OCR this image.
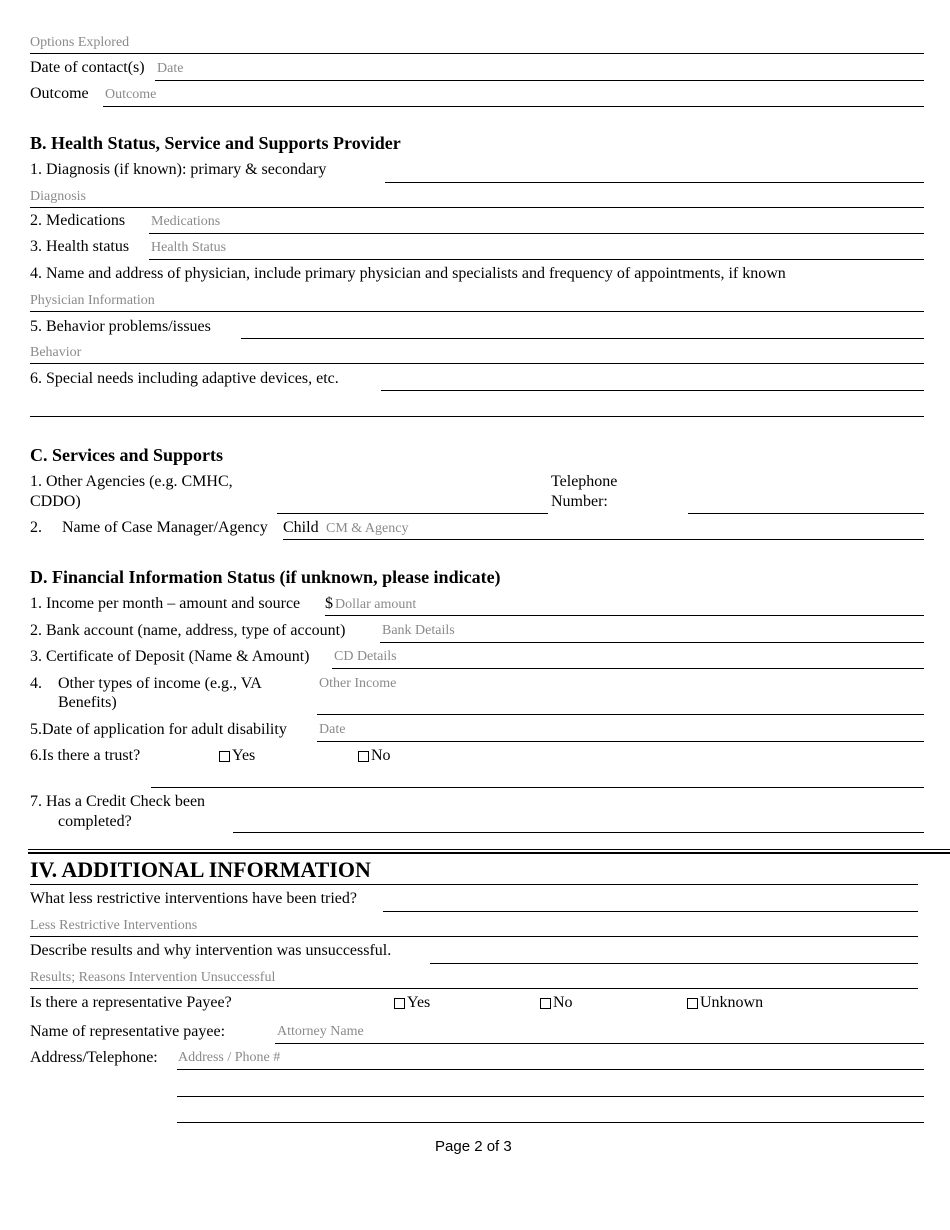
Options Explored
Date of contact(s) Date
Outcome Outcome
B. Health Status, Service and Supports Provider
1. Diagnosis (if known): primary & secondary
Diagnosis
2. Medications Medications
3. Health status Health Status
4. Name and address of physician, include primary physician and specialists and frequency of appointments, if known
Physician Information
5. Behavior problems/issues
Behavior
6. Special needs including adaptive devices, etc.
C. Services and Supports
1. Other Agencies (e.g. CMHC,
CDDO)
Telephone
Number:
2. Name of Case Manager/Agency Child CM & Agency
D. Financial Information Status (if unknown, please indicate)
1. Income per month – amount and source $ Dollar amount
2. Bank account (name, address, type of account)	Bank Details
3. Certificate of Deposit (Name & Amount) CD Details
4. Other types of income (e.g., VA
Benefits)
Other Income
5.Date of application for adult disability Date
6.Is there a trust?	Yes	No
7. Has a Credit Check been
completed?
IV. ADDITIONAL INFORMATION
What less restrictive interventions have been tried?
Less Restrictive Interventions
Describe results and why intervention was unsuccessful.
Results; Reasons Intervention Unsuccessful
Is there a representative Payee?	Yes	No	Unknown
Name of representative payee:	Attorney Name
Address/Telephone: Address / Phone #
Page 2 of 3
